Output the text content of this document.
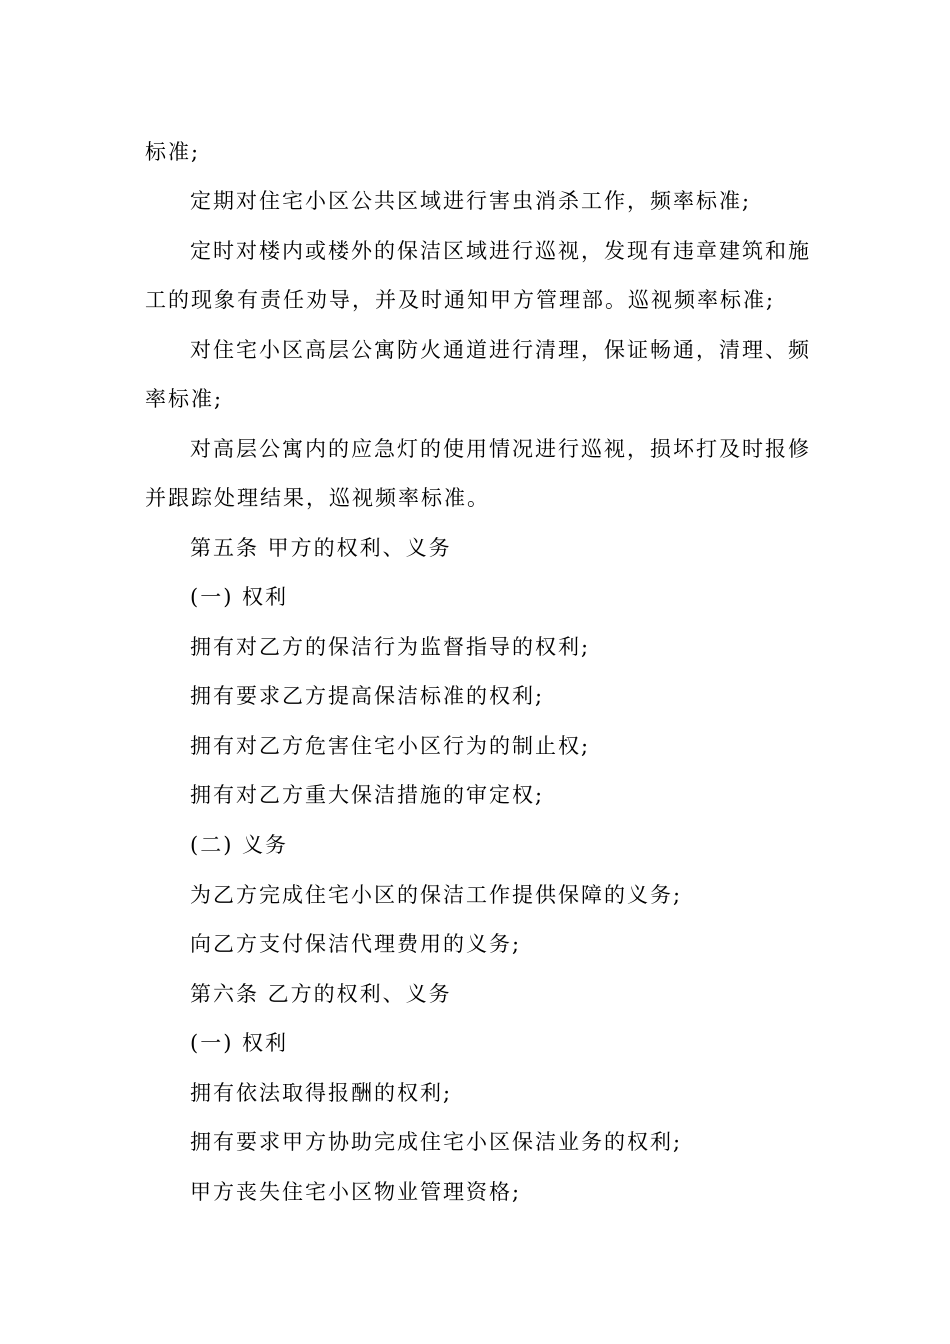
标准;
定期对住宅小区公共区域进行害虫消杀工作，频率标准;
定时对楼内或楼外的保洁区域进行巡视，发现有违章建筑和施
工的现象有责任劝导，并及时通知甲方管理部。巡视频率标准;
对住宅小区高层公寓防火通道进行清理，保证畅通，清理、频
率标准;
对高层公寓内的应急灯的使用情况进行巡视，损坏打及时报修
并跟踪处理结果，巡视频率标准。
第五条 甲方的权利、义务
(一) 权利
拥有对乙方的保洁行为监督指导的权利;
拥有要求乙方提高保洁标准的权利;
拥有对乙方危害住宅小区行为的制止权;
拥有对乙方重大保洁措施的审定权;
(二) 义务
为乙方完成住宅小区的保洁工作提供保障的义务;
向乙方支付保洁代理费用的义务;
第六条 乙方的权利、义务
(一) 权利
拥有依法取得报酬的权利;
拥有要求甲方协助完成住宅小区保洁业务的权利;
甲方丧失住宅小区物业管理资格;
